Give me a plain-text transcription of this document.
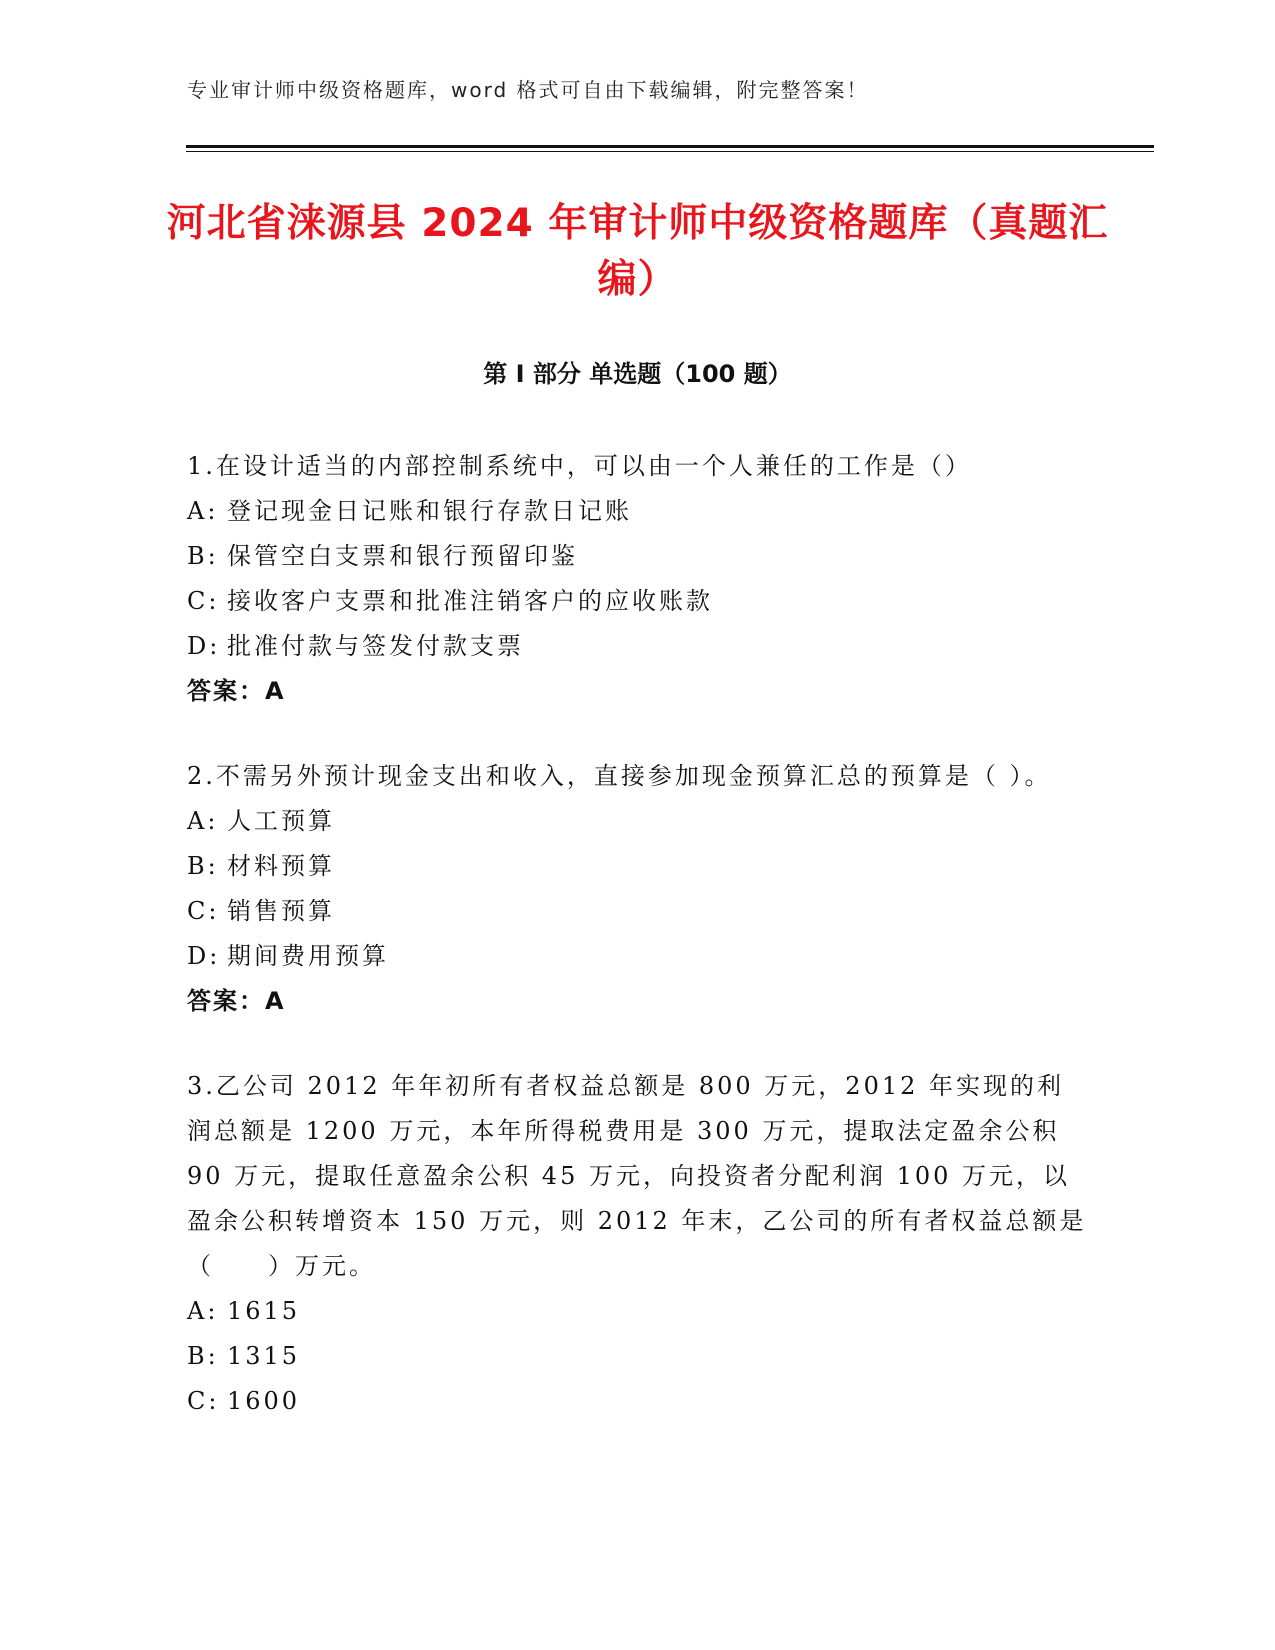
专业审计师中级资格题库，word 格式可自由下载编辑，附完整答案！
河北省涞源县 2024 年审计师中级资格题库（真题汇编）
第 I 部分 单选题（100 题）

1.在设计适当的内部控制系统中，可以由一个人兼任的工作是（）

A: 登记现金日记账和银行存款日记账
B: 保管空白支票和银行预留印鉴
C: 接收客户支票和批准注销客户的应收账款
D: 批准付款与签发付款支票
答案：A

2.不需另外预计现金支出和收入，直接参加现金预算汇总的预算是（ ）。

A: 人工预算
B: 材料预算
C: 销售预算
D: 期间费用预算
答案：A

3.乙公司 2012 年年初所有者权益总额是 800 万元，2012 年实现的利润总额是 1200 万元，本年所得税费用是 300 万元，提取法定盈余公积 90 万元，提取任意盈余公积 45 万元，向投资者分配利润 100 万元，以盈余公积转增资本 150 万元，则 2012 年末，乙公司的所有者权益总额是（　　）万元。

A: 1615
B: 1315
C: 1600
